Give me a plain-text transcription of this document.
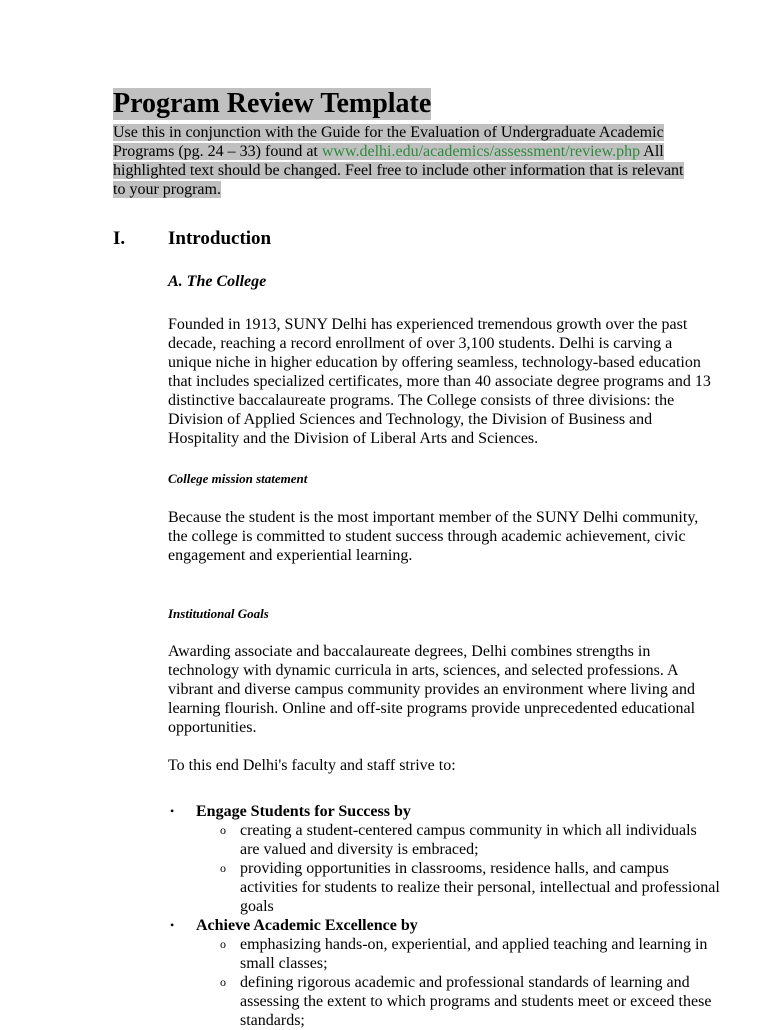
Program Review Template
Use this in conjunction with the Guide for the Evaluation of Undergraduate Academic
Programs (pg. 24 – 33) found at www.delhi.edu/academics/assessment/review.php All
highlighted text should be changed. Feel free to include other information that is relevant
to your program.
I. Introduction
A. The College
Founded in 1913, SUNY Delhi has experienced tremendous growth over the past
decade, reaching a record enrollment of over 3,100 students. Delhi is carving a
unique niche in higher education by offering seamless, technology-based education
that includes specialized certificates, more than 40 associate degree programs and 13
distinctive baccalaureate programs. The College consists of three divisions: the
Division of Applied Sciences and Technology, the Division of Business and
Hospitality and the Division of Liberal Arts and Sciences.
College mission statement
Because the student is the most important member of the SUNY Delhi community,
the college is committed to student success through academic achievement, civic
engagement and experiential learning.
Institutional Goals
Awarding associate and baccalaureate degrees, Delhi combines strengths in
technology with dynamic curricula in arts, sciences, and selected professions. A
vibrant and diverse campus community provides an environment where living and
learning flourish. Online and off-site programs provide unprecedented educational
opportunities.
To this end Delhi's faculty and staff strive to:
• Engage Students for Success by
o creating a student-centered campus community in which all individuals
are valued and diversity is embraced;
o providing opportunities in classrooms, residence halls, and campus
activities for students to realize their personal, intellectual and professional
goals
• Achieve Academic Excellence by
o emphasizing hands-on, experiential, and applied teaching and learning in
small classes;
o defining rigorous academic and professional standards of learning and
assessing the extent to which programs and students meet or exceed these
standards;
